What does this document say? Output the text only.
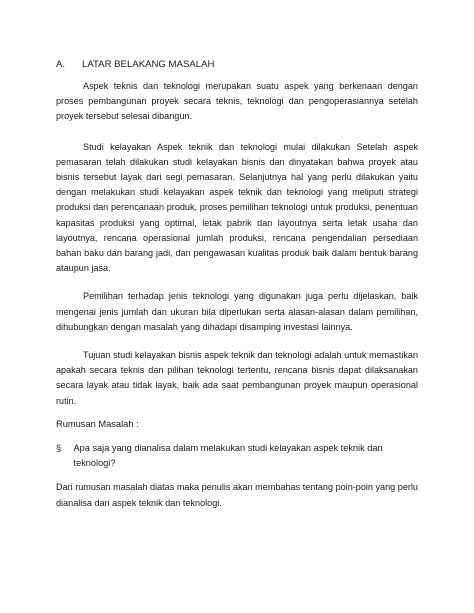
A.	LATAR BELAKANG MASALAH

Aspek teknis dan teknologi merupakan suatu aspek yang berkenaan dengan proses pembangunan proyek secara teknis, teknologi dan pengoperasiannya setelah proyek tersebut selesai dibangun.

Studi kelayakan Aspek teknik dan teknologi mulai dilakukan Setelah aspek pemasaran telah dilakukan studi kelayakan bisnis dan dinyatakan bahwa proyek atau bisnis tersebut layak dari segi pemasaran. Selanjutnya hal yang perlu dilakukan yaitu dengan melakukan studi kelayakan aspek teknik dan teknologi yang meliputi strategi produksi dan perencanaan produk, proses pemilihan teknologi untuk produksi, penentuan kapasitas produksi yang optimal, letak pabrik dan layoutnya serta letak usaha dan layoutnya, rencana operasional jumlah produksi, rencana pengendalian persediaan bahan baku dan barang jadi, dan pengawasan kualitas produk baik dalam bentuk barang ataupun jasa.

Pemilihan terhadap jenis teknologi yang digunakan juga perlu dijelaskan, baik mengenai jenis jumlah dan ukuran bila diperlukan serta alasan-alasan dalam pemilihan, dihubungkan dengan masalah yang dihadapi disamping investasi lainnya.

Tujuan studi kelayakan bisnis aspek teknik dan teknologi adalah untuk memastikan apakah secara teknis dan pilihan teknologi tertentu, rencana bisnis dapat dilaksanakan secara layak atau tidak layak, baik ada saat pembangunan proyek maupun operasional rutin.

Rumusan Masalah :

§	Apa saja yang dianalisa dalam melakukan studi kelayakan aspek teknik dan teknologi?

Dari rumusan masalah diatas maka penulis akan membahas tentang poin-poin yang perlu dianalisa dari aspek teknik dan teknologi.
